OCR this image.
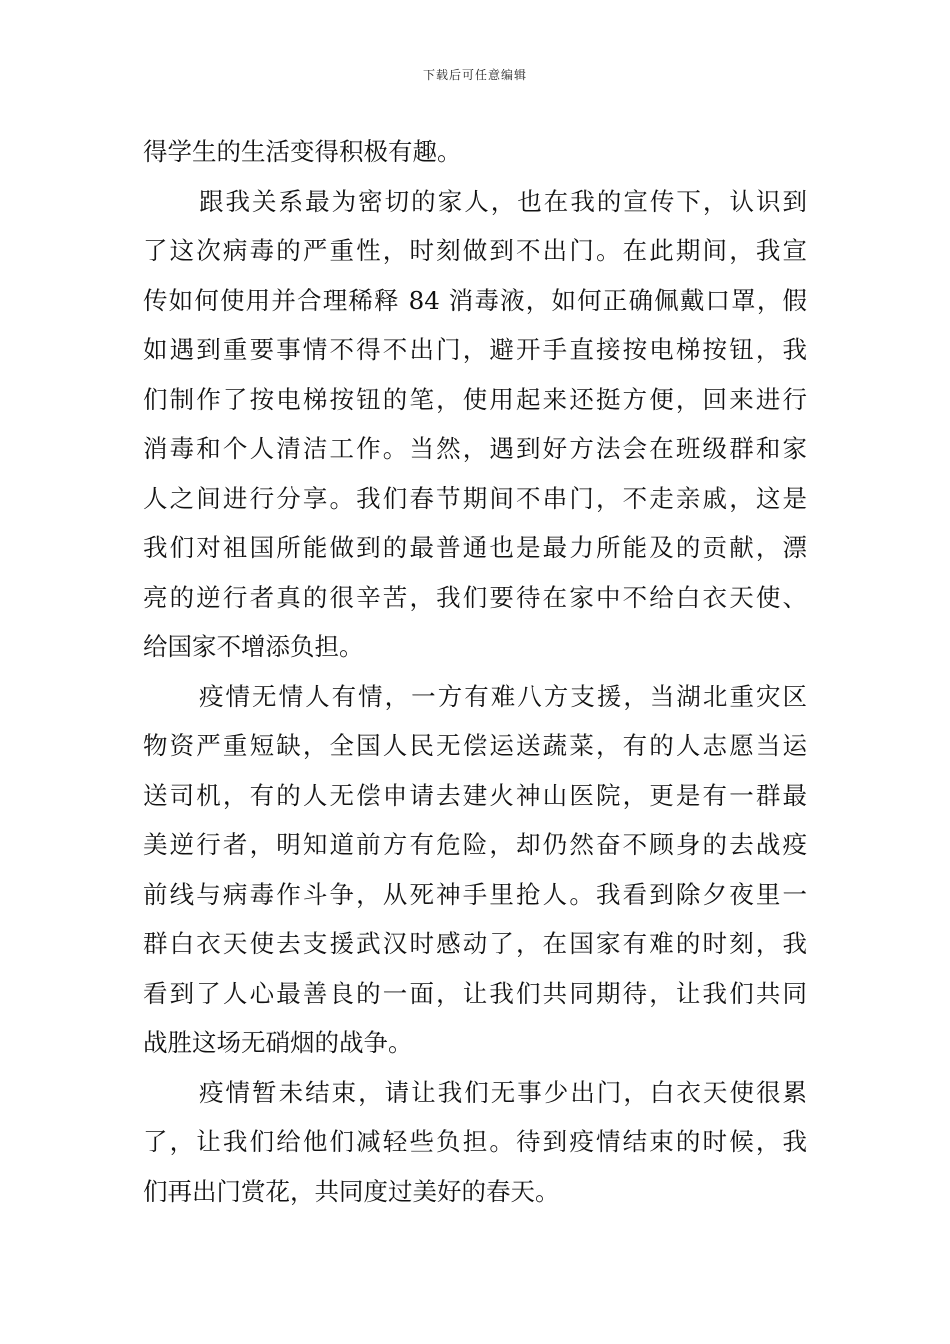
下载后可任意编辑
得学生的生活变得积极有趣。
跟我关系最为密切的家人，也在我的宣传下，认识到
了这次病毒的严重性，时刻做到不出门。在此期间，我宣
传如何使用并合理稀释 84 消毒液，如何正确佩戴口罩，假
如遇到重要事情不得不出门，避开手直接按电梯按钮，我
们制作了按电梯按钮的笔，使用起来还挺方便，回来进行
消毒和个人清洁工作。当然，遇到好方法会在班级群和家
人之间进行分享。我们春节期间不串门，不走亲戚，这是
我们对祖国所能做到的最普通也是最力所能及的贡献，漂
亮的逆行者真的很辛苦，我们要待在家中不给白衣天使、
给国家不增添负担。
疫情无情人有情，一方有难八方支援，当湖北重灾区
物资严重短缺，全国人民无偿运送蔬菜，有的人志愿当运
送司机，有的人无偿申请去建火神山医院，更是有一群最
美逆行者，明知道前方有危险，却仍然奋不顾身的去战疫
前线与病毒作斗争，从死神手里抢人。我看到除夕夜里一
群白衣天使去支援武汉时感动了，在国家有难的时刻，我
看到了人心最善良的一面，让我们共同期待，让我们共同
战胜这场无硝烟的战争。
疫情暂未结束，请让我们无事少出门，白衣天使很累
了，让我们给他们减轻些负担。待到疫情结束的时候，我
们再出门赏花，共同度过美好的春天。
